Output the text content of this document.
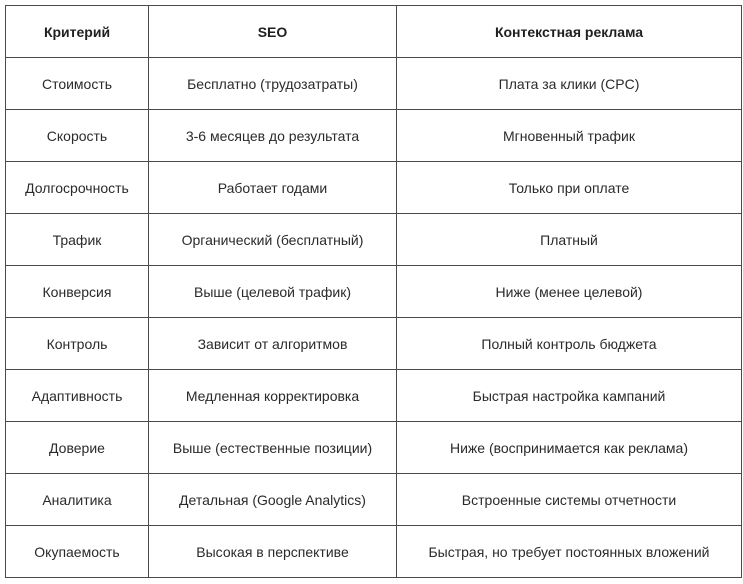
Критерий	SEO	Контекстная реклама
Стоимость	Бесплатно (трудозатраты)	Плата за клики (CPC)
Скорость	3-6 месяцев до результата	Мгновенный трафик
Долгосрочность	Работает годами	Только при оплате
Трафик	Органический (бесплатный)	Платный
Конверсия	Выше (целевой трафик)	Ниже (менее целевой)
Контроль	Зависит от алгоритмов	Полный контроль бюджета
Адаптивность	Медленная корректировка	Быстрая настройка кампаний
Доверие	Выше (естественные позиции)	Ниже (воспринимается как реклама)
Аналитика	Детальная (Google Analytics)	Встроенные системы отчетности
Окупаемость	Высокая в перспективе	Быстрая, но требует постоянных вложений
